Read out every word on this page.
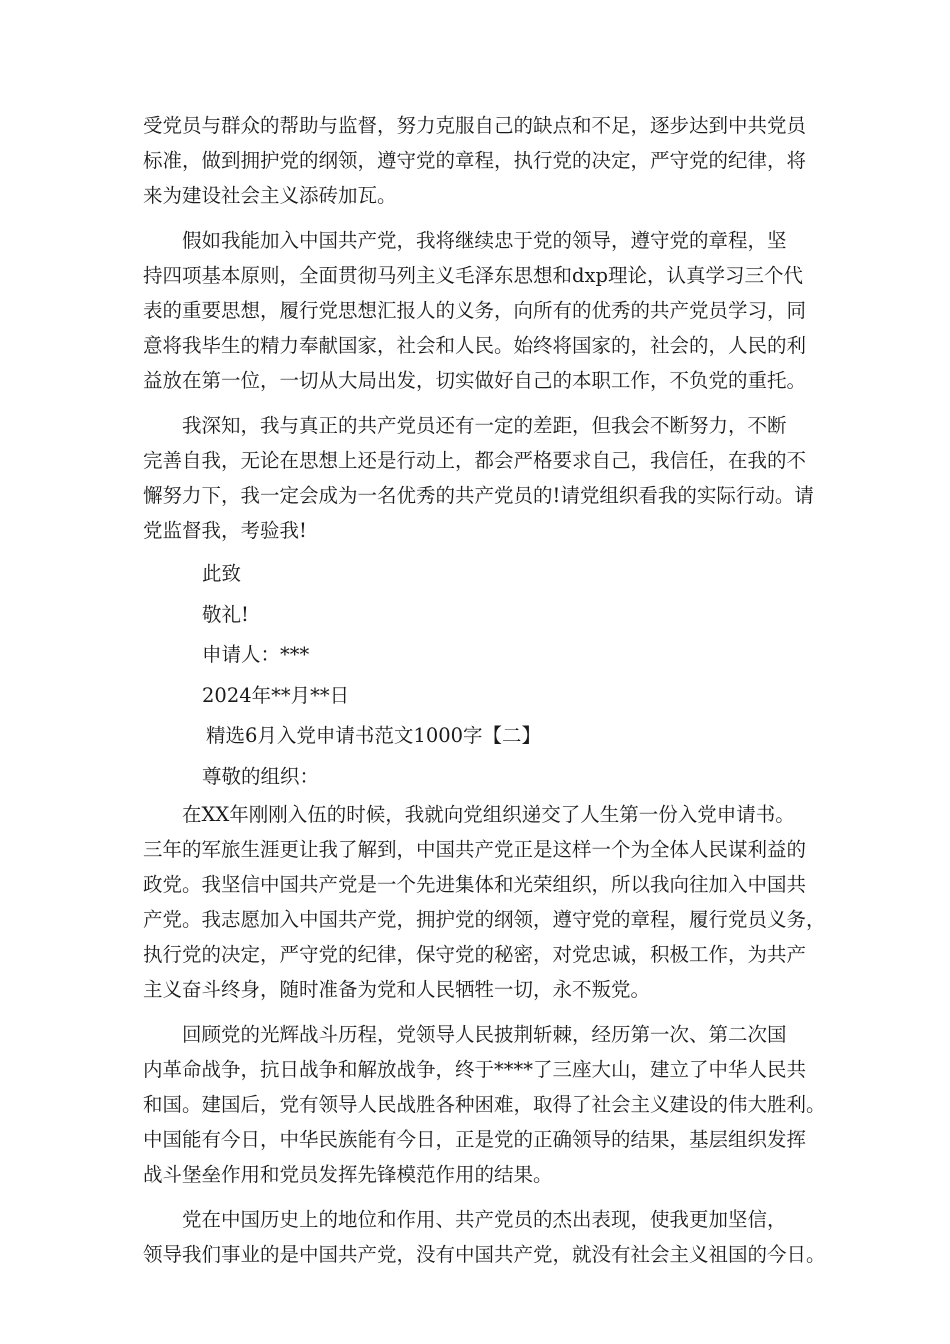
受党员与群众的帮助与监督，努力克服自己的缺点和不足，逐步达到中共党员
标准，做到拥护党的纲领，遵守党的章程，执行党的决定，严守党的纪律，将
来为建设社会主义添砖加瓦。

假如我能加入中国共产党，我将继续忠于党的领导，遵守党的章程，坚
持四项基本原则，全面贯彻马列主义毛泽东思想和dxp理论，认真学习三个代
表的重要思想，履行党思想汇报人的义务，向所有的优秀的共产党员学习，同
意将我毕生的精力奉献国家，社会和人民。始终将国家的，社会的，人民的利
益放在第一位，一切从大局出发，切实做好自己的本职工作，不负党的重托。

我深知，我与真正的共产党员还有一定的差距，但我会不断努力，不断
完善自我，无论在思想上还是行动上，都会严格要求自己，我信任，在我的不
懈努力下，我一定会成为一名优秀的共产党员的!请党组织看我的实际行动。请
党监督我，考验我!

此致

敬礼!

申请人：***

2024年**月**日

精选6月入党申请书范文1000字【二】

尊敬的组织：

在XX年刚刚入伍的时候，我就向党组织递交了人生第一份入党申请书。
三年的军旅生涯更让我了解到，中国共产党正是这样一个为全体人民谋利益的
政党。我坚信中国共产党是一个先进集体和光荣组织，所以我向往加入中国共
产党。我志愿加入中国共产党，拥护党的纲领，遵守党的章程，履行党员义务，
执行党的决定，严守党的纪律，保守党的秘密，对党忠诚，积极工作，为共产
主义奋斗终身，随时准备为党和人民牺牲一切，永不叛党。

回顾党的光辉战斗历程，党领导人民披荆斩棘，经历第一次、第二次国
内革命战争，抗日战争和解放战争，终于****了三座大山，建立了中华人民共
和国。建国后，党有领导人民战胜各种困难，取得了社会主义建设的伟大胜利。
中国能有今日，中华民族能有今日，正是党的正确领导的结果，基层组织发挥
战斗堡垒作用和党员发挥先锋模范作用的结果。

党在中国历史上的地位和作用、共产党员的杰出表现，使我更加坚信，
领导我们事业的是中国共产党，没有中国共产党，就没有社会主义祖国的今日。
